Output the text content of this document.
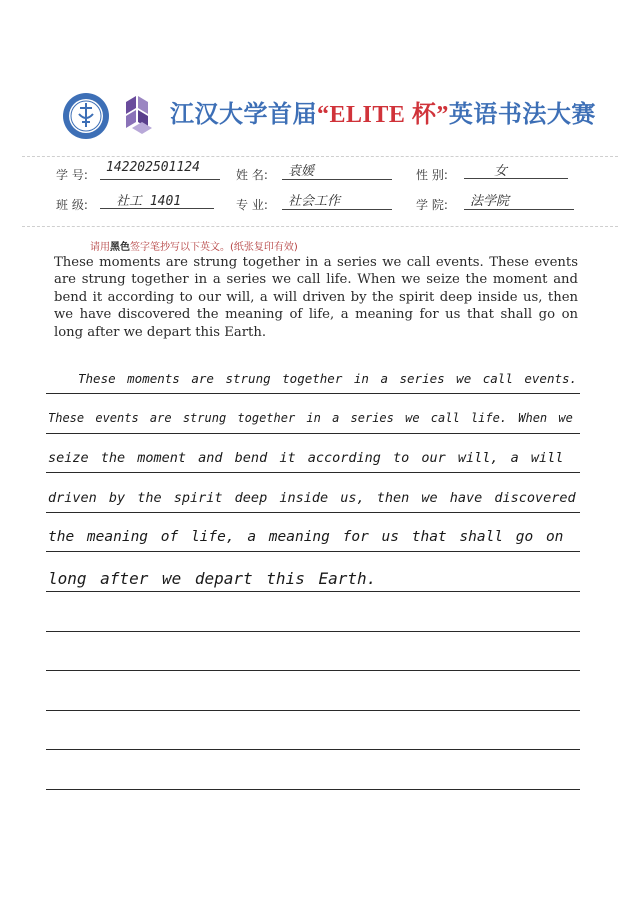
江汉大学首届“ELITE 杯”英语书法大赛
学 号:	142202501124	姓 名:	袁媛	性 别:	女
班 级:	社工 1401	专 业:	社会工作	学 院:	法学院
请用黑色签字笔抄写以下英文。(纸张复印有效)
These moments are strung together in a series we call events. These events are strung together in a series we call life. When we seize the moment and bend it according to our will, a will driven by the spirit deep inside us, then we have discovered the meaning of life, a meaning for us that shall go on long after we depart this Earth.
These moments are strung together in a series we call events.
These events are strung together in a series we call life. When we
seize the moment and bend it according to our will, a will
driven by the spirit deep inside us, then we have discovered
the meaning of life, a meaning for us that shall go on
long after we depart this Earth.
